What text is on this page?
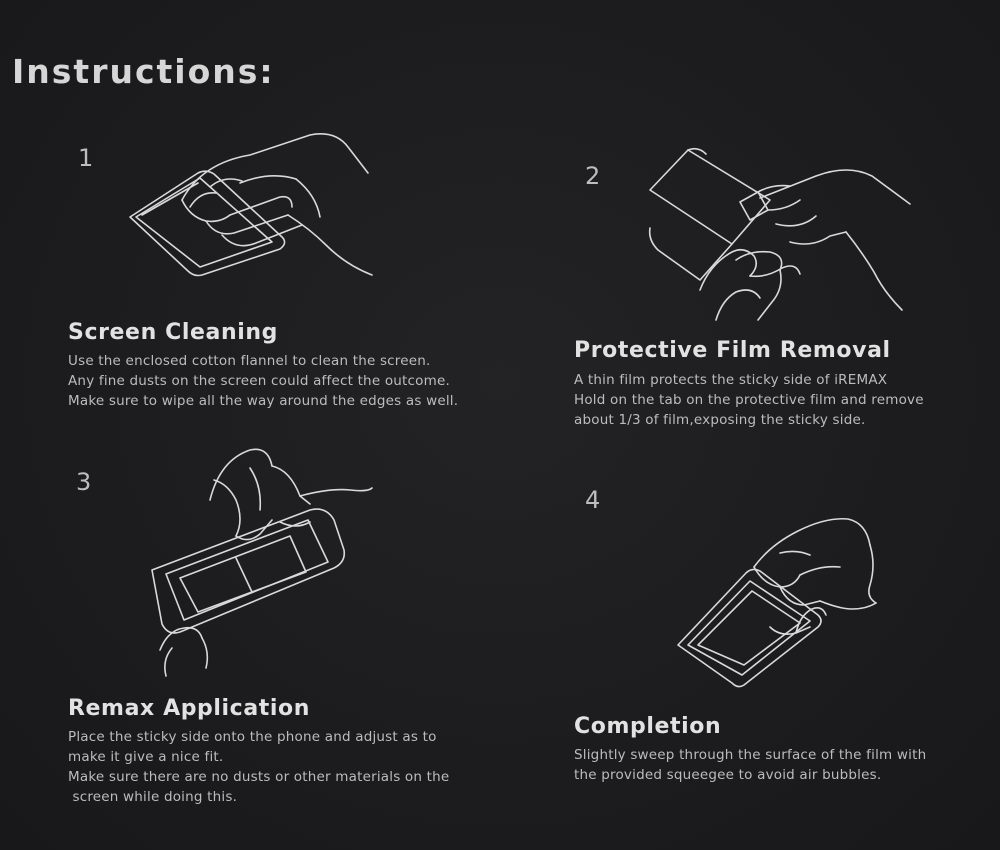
Instructions:
1
Screen Cleaning

Use the enclosed cotton flannel to clean the screen.
Any fine dusts on the screen could affect the outcome.
Make sure to wipe all the way around the edges as well.

2
Protective Film Removal

A thin film protects the sticky side of iREMAX
Hold on the tab on the protective film and remove
about 1/3 of film,exposing the sticky side.

3
Remax Application

Place the sticky side onto the phone and adjust as to
make it give a nice fit.
Make sure there are no dusts or other materials on the
screen while doing this.

4
Completion

Slightly sweep through the surface of the film with
the provided squeegee to avoid air bubbles.
